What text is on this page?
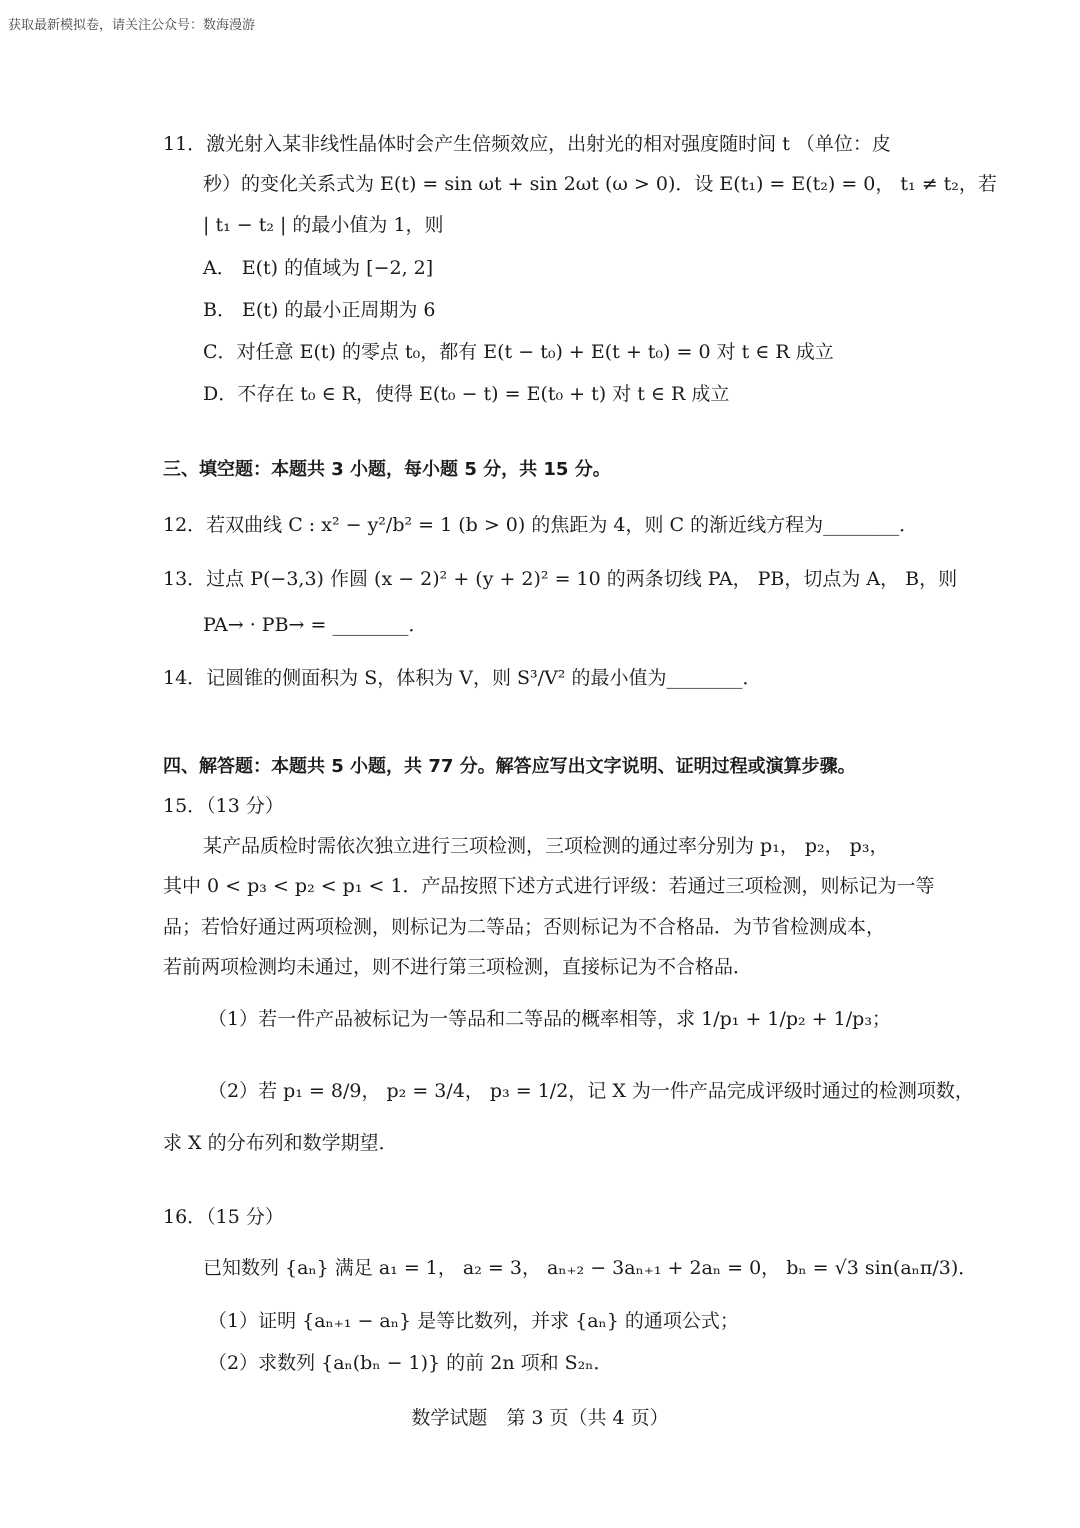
获取最新模拟卷，请关注公众号：数海漫游
11．激光射入某非线性晶体时会产生倍频效应，出射光的相对强度随时间 t （单位：皮
秒）的变化关系式为 E(t) = sin ωt + sin 2ωt (ω > 0)．设 E(t₁) = E(t₂) = 0， t₁ ≠ t₂，若
| t₁ − t₂ | 的最小值为 1，则
A． E(t) 的值域为 [−2, 2]
B． E(t) 的最小正周期为 6
C．对任意 E(t) 的零点 t₀，都有 E(t − t₀) + E(t + t₀) = 0 对 t ∈ R 成立
D．不存在 t₀ ∈ R，使得 E(t₀ − t) = E(t₀ + t) 对 t ∈ R 成立
三、填空题：本题共 3 小题，每小题 5 分，共 15 分。
12．若双曲线 C : x² − y²/b² = 1 (b > 0) 的焦距为 4，则 C 的渐近线方程为________．
13．过点 P(−3,3) 作圆 (x − 2)² + (y + 2)² = 10 的两条切线 PA， PB，切点为 A， B，则
PA→ · PB→ = ________．
14．记圆锥的侧面积为 S，体积为 V，则 S³/V² 的最小值为________．
四、解答题：本题共 5 小题，共 77 分。解答应写出文字说明、证明过程或演算步骤。
15．（13 分）
某产品质检时需依次独立进行三项检测，三项检测的通过率分别为 p₁， p₂， p₃，
其中 0 < p₃ < p₂ < p₁ < 1．产品按照下述方式进行评级：若通过三项检测，则标记为一等
品；若恰好通过两项检测，则标记为二等品；否则标记为不合格品．为节省检测成本，
若前两项检测均未通过，则不进行第三项检测，直接标记为不合格品．
（1）若一件产品被标记为一等品和二等品的概率相等，求 1/p₁ + 1/p₂ + 1/p₃；
（2）若 p₁ = 8/9， p₂ = 3/4， p₃ = 1/2，记 X 为一件产品完成评级时通过的检测项数，
求 X 的分布列和数学期望．
16．（15 分）
已知数列 {aₙ} 满足 a₁ = 1， a₂ = 3， aₙ₊₂ − 3aₙ₊₁ + 2aₙ = 0， bₙ = √3 sin(aₙπ/3)．
（1）证明 {aₙ₊₁ − aₙ} 是等比数列，并求 {aₙ} 的通项公式；
（2）求数列 {aₙ(bₙ − 1)} 的前 2n 项和 S₂ₙ．
数学试题　第 3 页（共 4 页）
